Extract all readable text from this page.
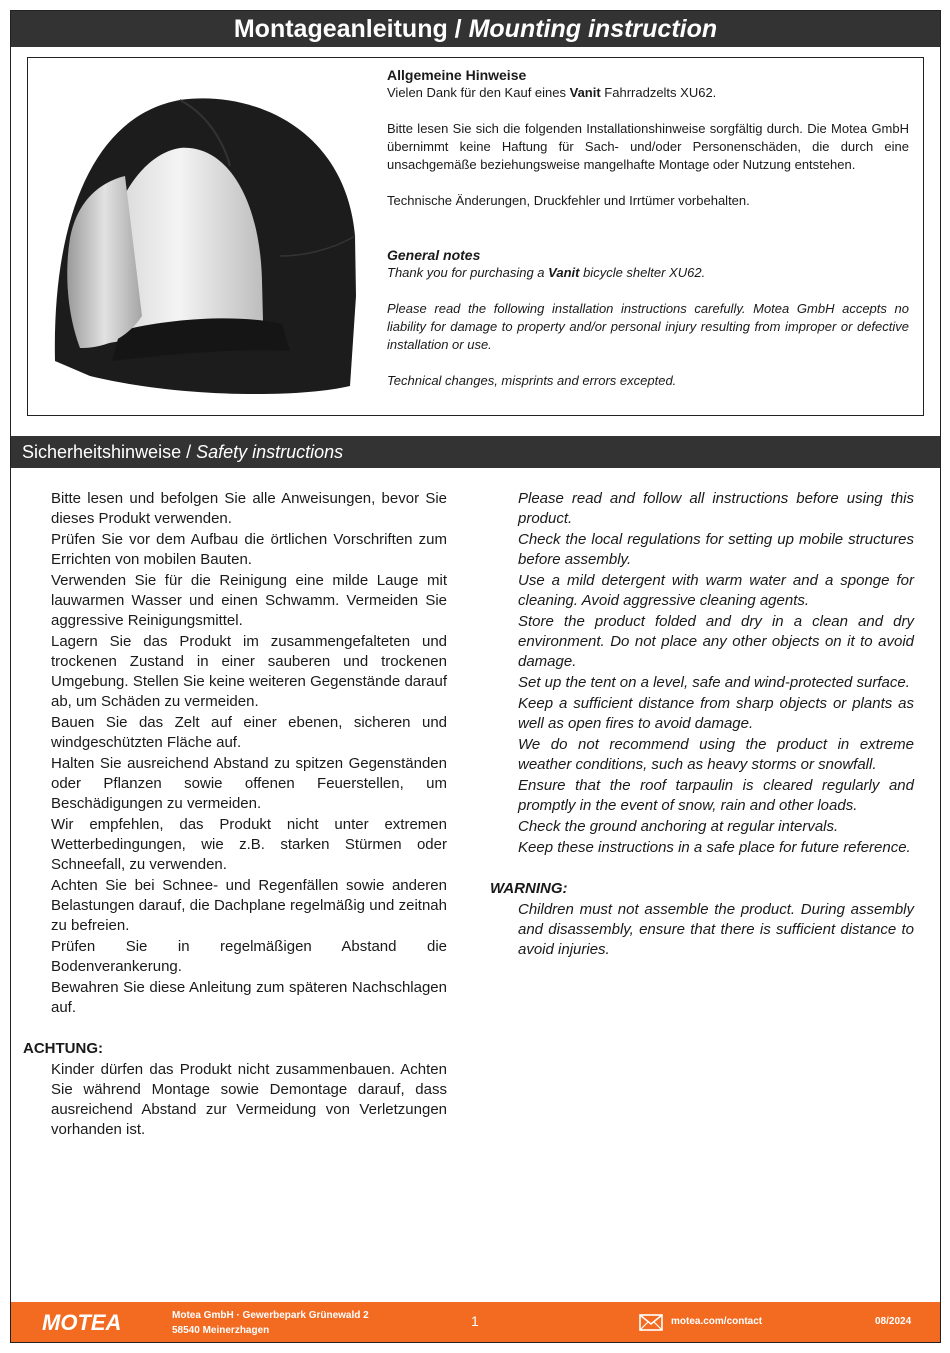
Montageanleitung / Mounting instruction
Allgemeine Hinweise

Vielen Dank für den Kauf eines Vanit Fahrradzelts XU62.

Bitte lesen Sie sich die folgenden Installationshinweise sorgfältig durch. Die Motea GmbH übernimmt keine Haftung für Sach- und/oder Personenschäden, die durch eine unsachgemäße beziehungsweise mangelhafte Montage oder Nutzung entstehen.

Technische Änderungen, Druckfehler und Irrtümer vorbehalten.

General notes

Thank you for purchasing a Vanit bicycle shelter XU62.

Please read the following installation instructions carefully. Motea GmbH accepts no liability for damage to property and/or personal injury resulting from improper or defective installation or use.

Technical changes, misprints and errors excepted.

Sicherheitshinweise / Safety instructions
Bitte lesen und befolgen Sie alle Anweisungen, bevor Sie dieses Produkt verwenden.
Prüfen Sie vor dem Aufbau die örtlichen Vorschriften zum Errichten von mobilen Bauten.
Verwenden Sie für die Reinigung eine milde Lauge mit lauwarmen Wasser und einen Schwamm. Vermeiden Sie aggressive Reinigungsmittel.
Lagern Sie das Produkt im zusammengefalteten und trockenen Zustand in einer sauberen und trockenen Umgebung. Stellen Sie keine weiteren Gegenstände darauf ab, um Schäden zu vermeiden.
Bauen Sie das Zelt auf einer ebenen, sicheren und windgeschützten Fläche auf.
Halten Sie ausreichend Abstand zu spitzen Gegenständen oder Pflanzen sowie offenen Feuerstellen, um Beschädigungen zu vermeiden.
Wir empfehlen, das Produkt nicht unter extremen Wetterbedingungen, wie z.B. starken Stürmen oder Schneefall, zu verwenden.
Achten Sie bei Schnee- und Regenfällen sowie anderen Belastungen darauf, die Dachplane regelmäßig und zeitnah zu befreien.
Prüfen Sie in regelmäßigen Abstand die Bodenverankerung.
Bewahren Sie diese Anleitung zum späteren Nachschlagen auf.
ACHTUNG:
Kinder dürfen das Produkt nicht zusammenbauen. Achten Sie während Montage sowie Demontage darauf, dass ausreichend Abstand zur Vermeidung von Verletzungen vorhanden ist.
Please read and follow all instructions before using this product.
Check the local regulations for setting up mobile structures before assembly.
Use a mild detergent with warm water and a sponge for cleaning. Avoid aggressive cleaning agents.
Store the product folded and dry in a clean and dry environment. Do not place any other objects on it to avoid damage.
Set up the tent on a level, safe and wind-protected surface.
Keep a sufficient distance from sharp objects or plants as well as open fires to avoid damage.
We do not recommend using the product in extreme weather conditions, such as heavy storms or snowfall.
Ensure that the roof tarpaulin is cleared regularly and promptly in the event of snow, rain and other loads.
Check the ground anchoring at regular intervals.
Keep these instructions in a safe place for future reference.
WARNING:
Children must not assemble the product. During assembly and disassembly, ensure that there is sufficient distance to avoid injuries.
MOTEA	Motea GmbH · Gewerbepark Grünewald 2
58540 Meinerzhagen
1	motea.com/contact	08/2024
